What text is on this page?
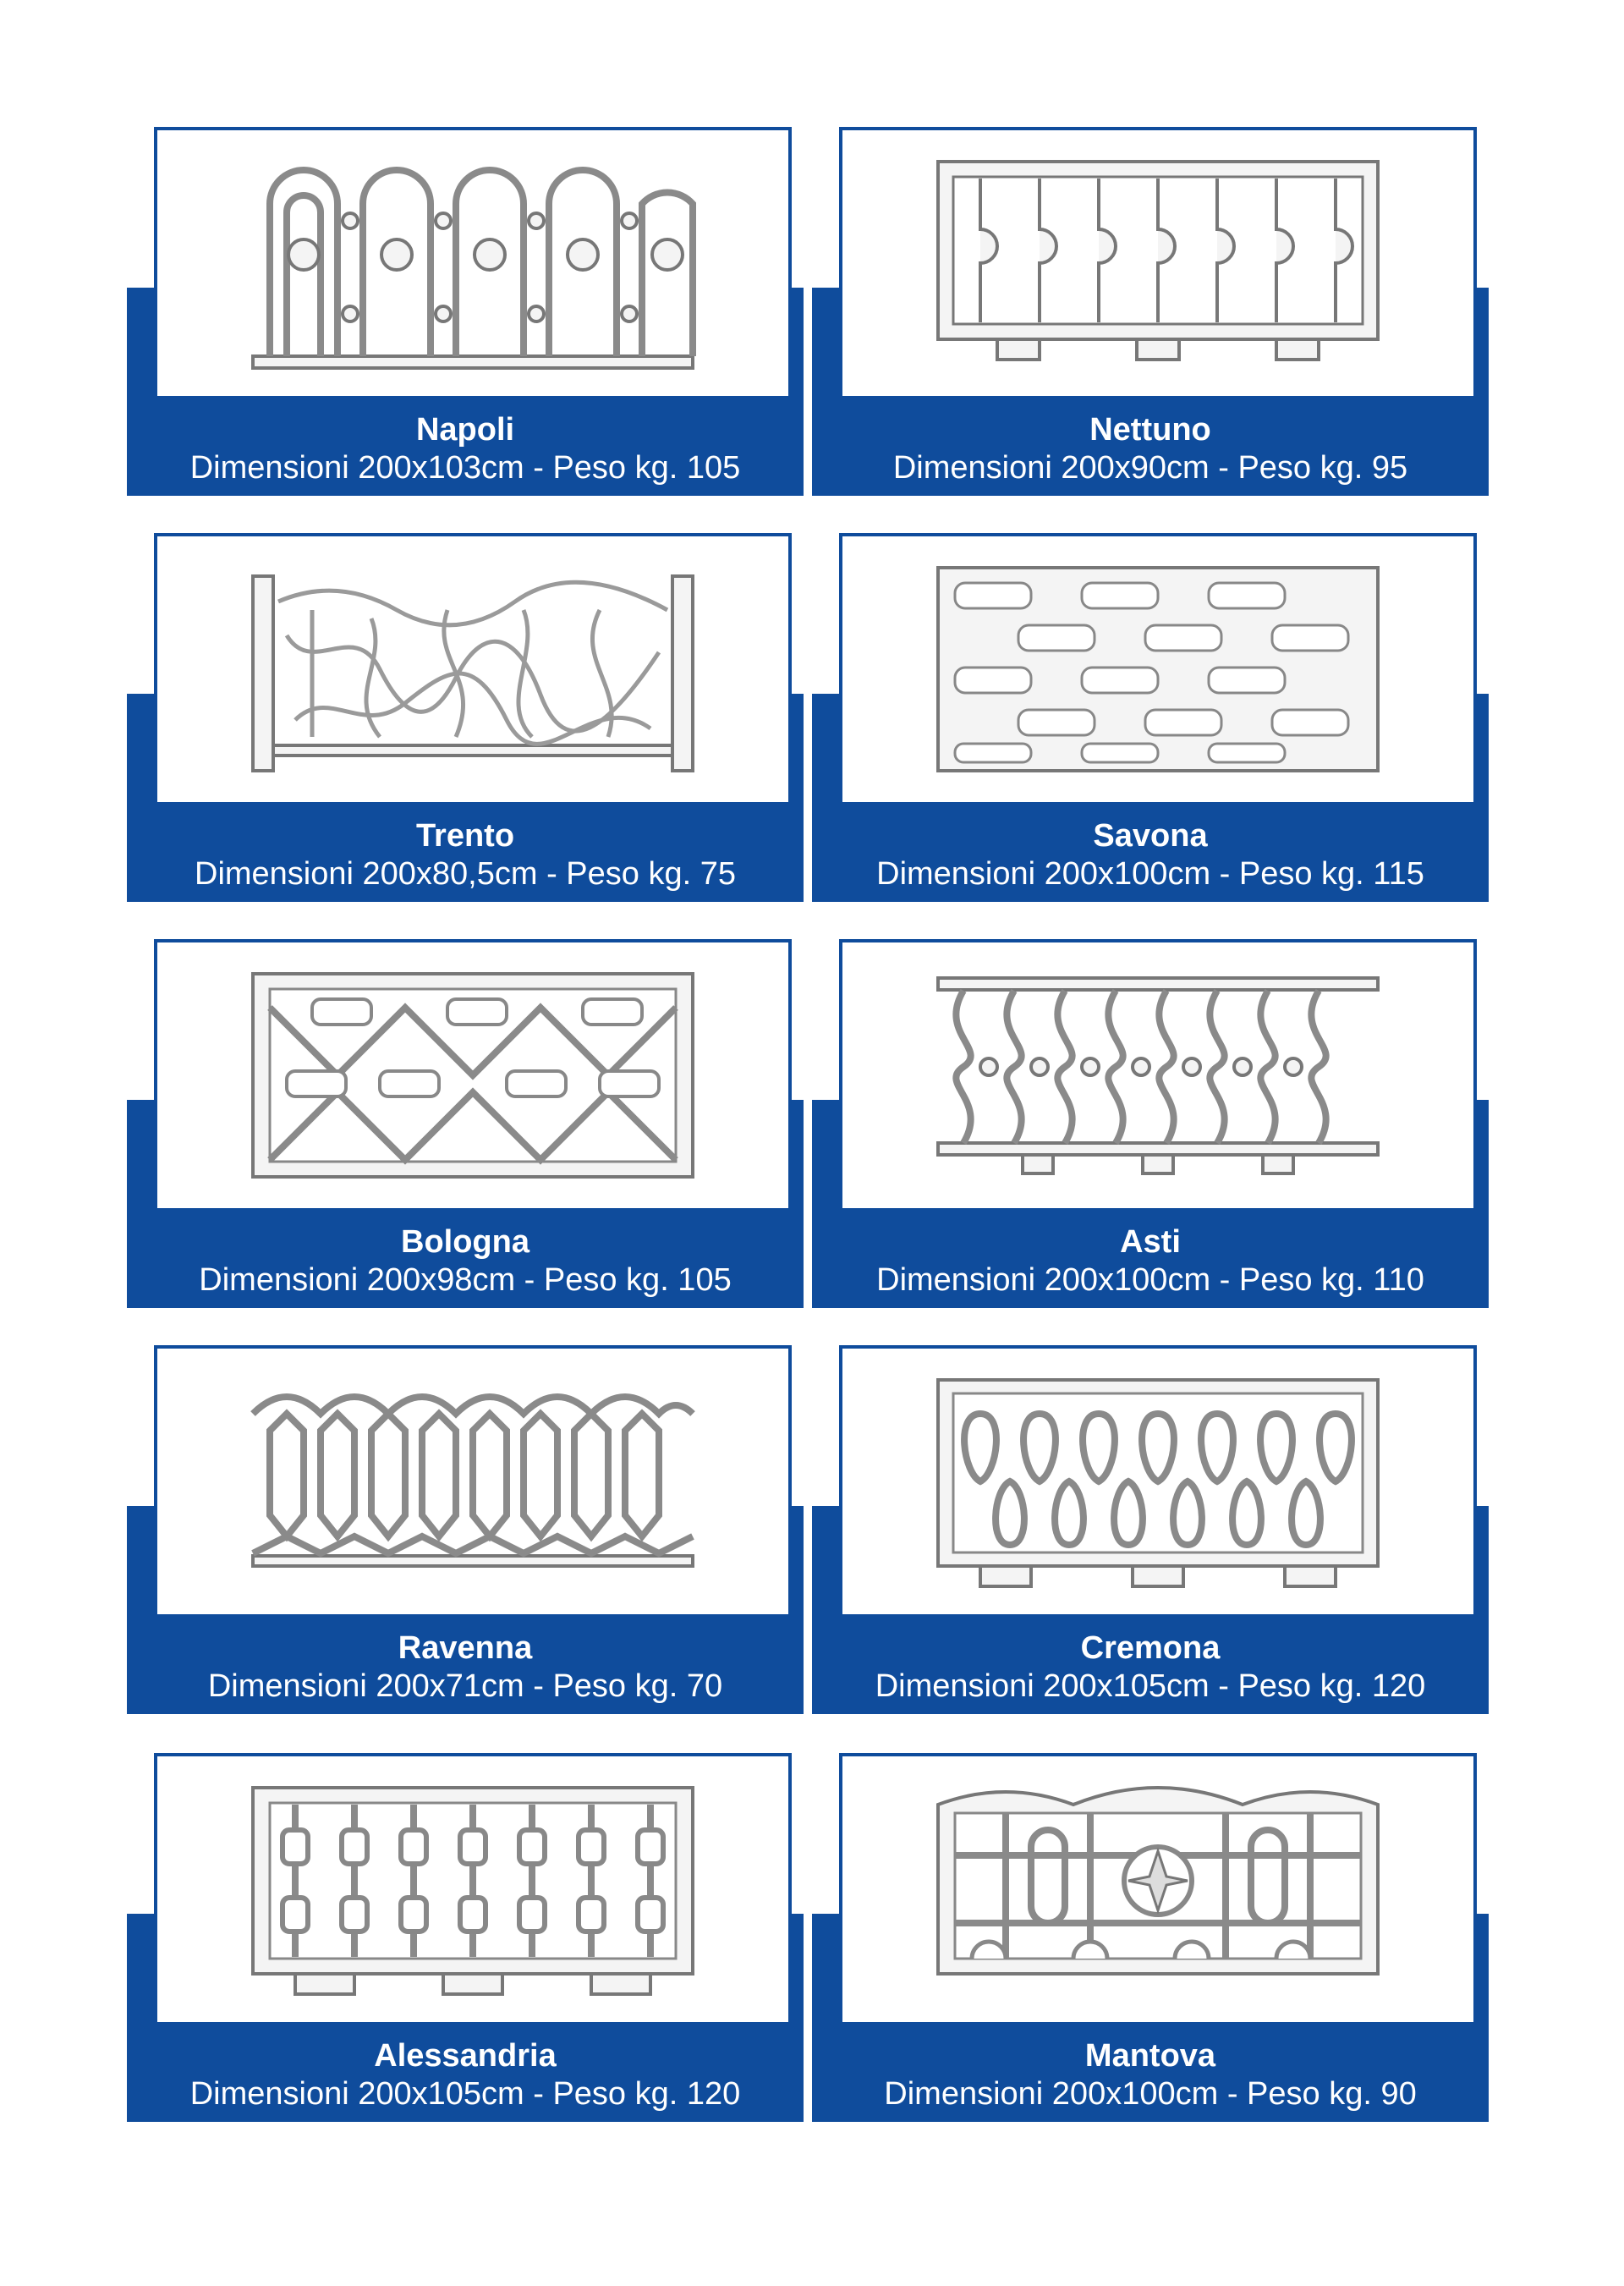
Napoli
Dimensioni 200x103cm - Peso kg. 105
Nettuno
Dimensioni 200x90cm - Peso kg. 95
Trento
Dimensioni 200x80,5cm - Peso kg. 75
Savona
Dimensioni 200x100cm - Peso kg. 115
Bologna
Dimensioni 200x98cm - Peso kg. 105
Asti
Dimensioni 200x100cm - Peso kg. 110
Ravenna
Dimensioni 200x71cm - Peso kg. 70
Cremona
Dimensioni 200x105cm - Peso kg. 120
Alessandria
Dimensioni 200x105cm - Peso kg. 120
Mantova
Dimensioni 200x100cm - Peso kg. 90
